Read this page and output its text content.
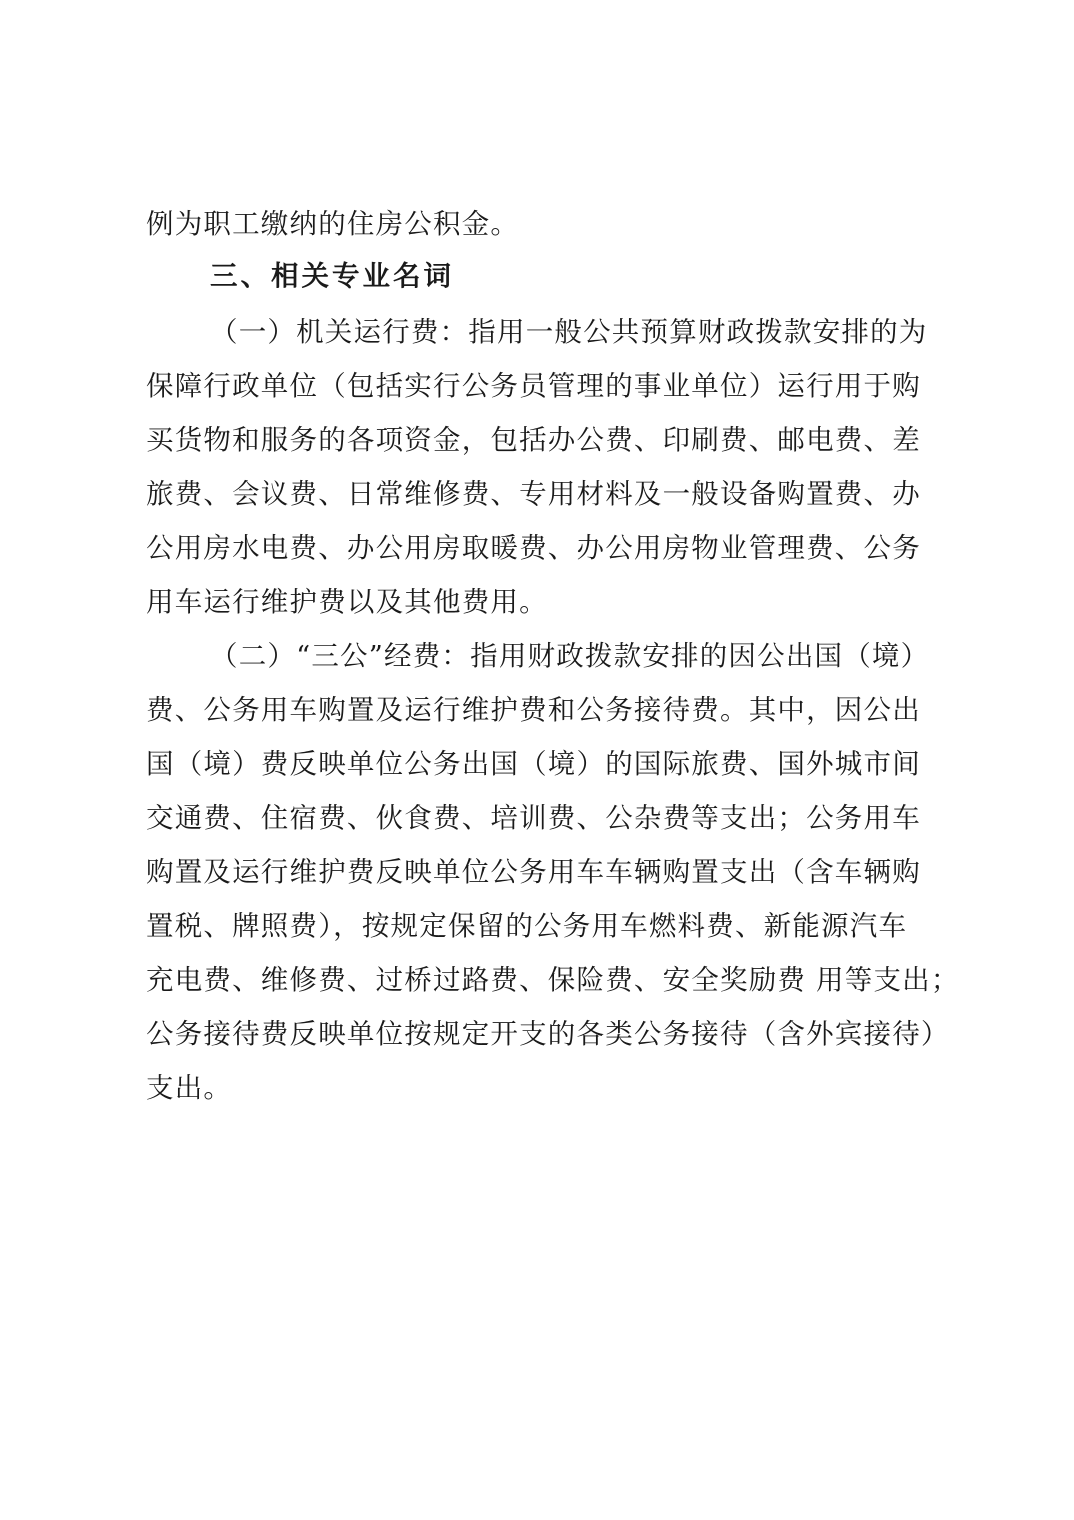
例为职工缴纳的住房公积金。
三、相关专业名词
（一）机关运行费：指用一般公共预算财政拨款安排的为
保障行政单位（包括实行公务员管理的事业单位）运行用于购
买货物和服务的各项资金，包括办公费、印刷费、邮电费、差
旅费、会议费、日常维修费、专用材料及一般设备购置费、办
公用房水电费、办公用房取暖费、办公用房物业管理费、公务
用车运行维护费以及其他费用。
（二）“三公”经费：指用财政拨款安排的因公出国（境）
费、公务用车购置及运行维护费和公务接待费。其中，因公出
国（境）费反映单位公务出国（境）的国际旅费、国外城市间
交通费、住宿费、伙食费、培训费、公杂费等支出；公务用车
购置及运行维护费反映单位公务用车车辆购置支出（含车辆购
置税、牌照费），按规定保留的公务用车燃料费、新能源汽车
充电费、维修费、过桥过路费、保险费、安全奖励费 用等支出；
公务接待费反映单位按规定开支的各类公务接待（含外宾接待）
支出。
